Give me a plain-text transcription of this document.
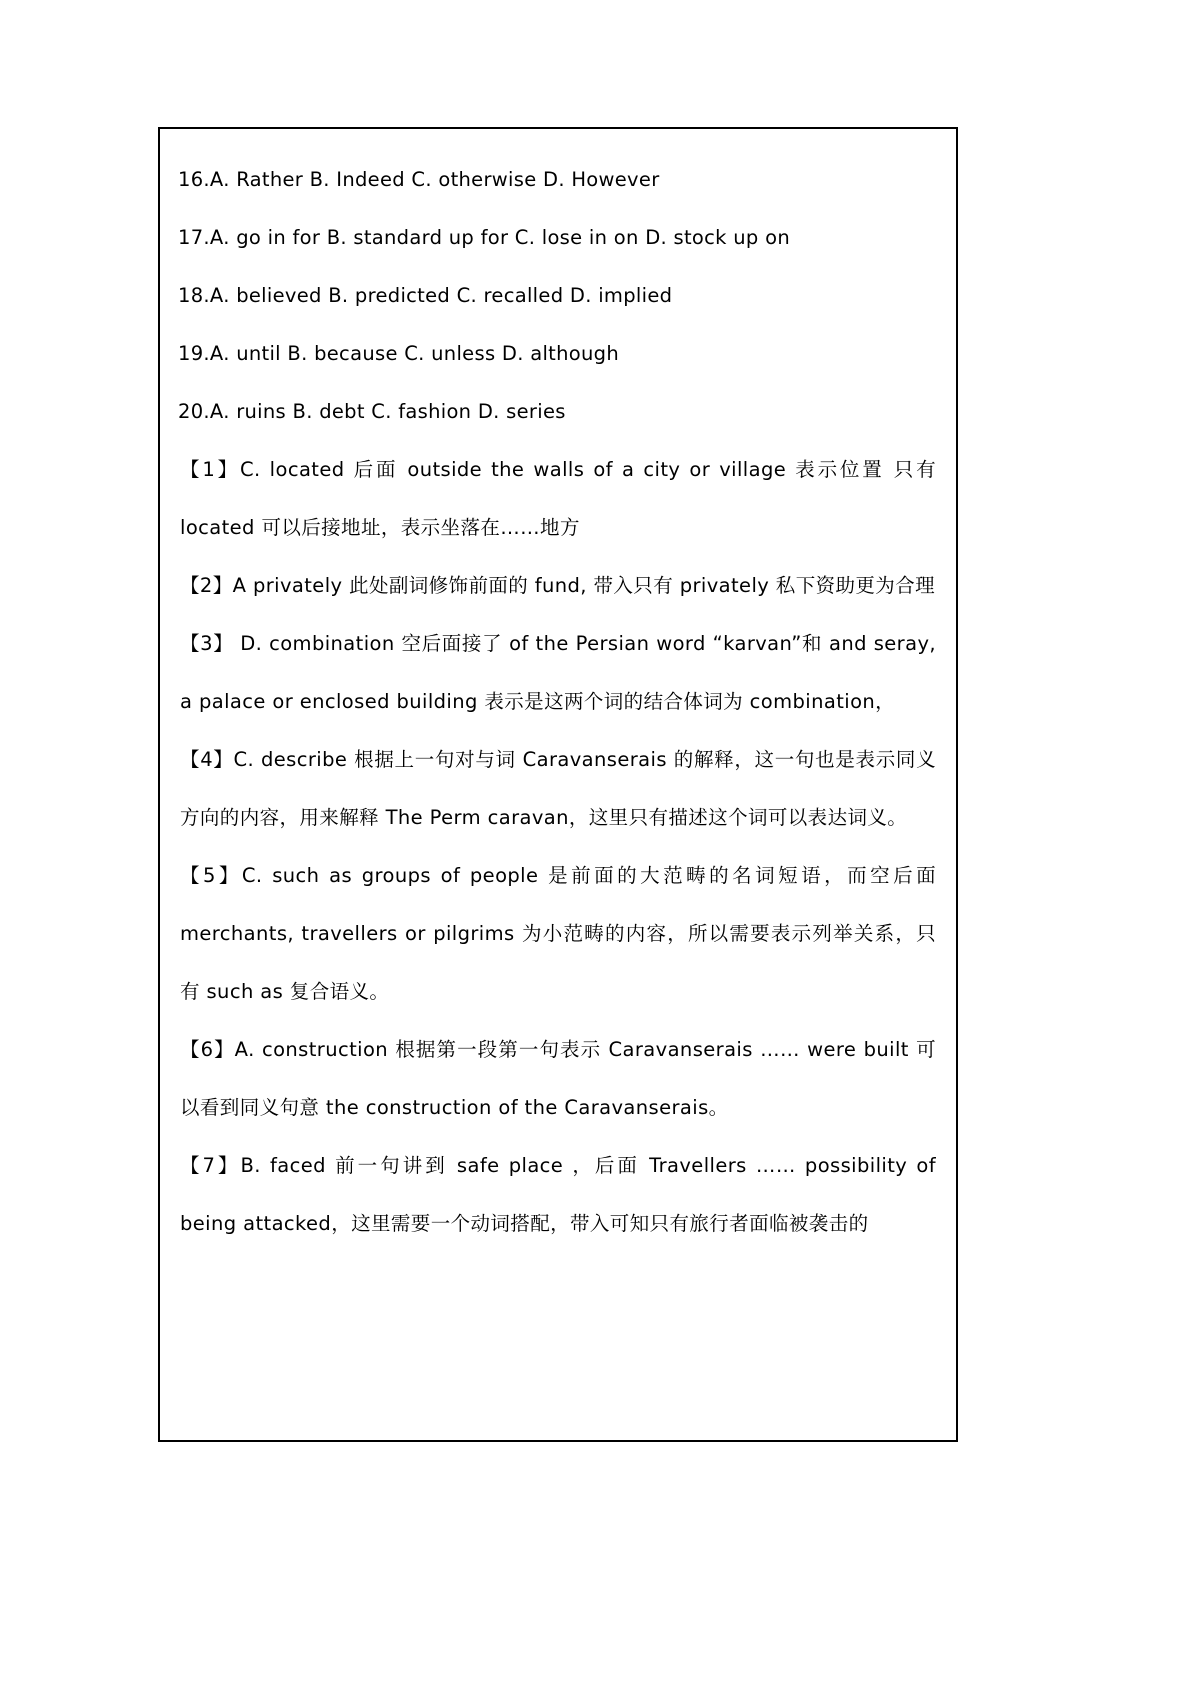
16.A. Rather B. Indeed C. otherwise D. However
17.A. go in for B. standard up for C. lose in on D. stock up on
18.A. believed B. predicted C. recalled D. implied
19.A. until B. because C. unless D. although
20.A. ruins B. debt C. fashion D. series
【1】C. located 后面 outside the walls of a city or village 表示位置 只有 located 可以后接地址，表示坐落在……地方
【2】A privately 此处副词修饰前面的 fund, 带入只有 privately 私下资助更为合理
【3】 D. combination 空后面接了 of the Persian word “karvan”和 and seray, a palace or enclosed building 表示是这两个词的结合体词为 combination，
【4】C. describe 根据上一句对与词 Caravanserais 的解释，这一句也是表示同义方向的内容，用来解释 The Perm caravan，这里只有描述这个词可以表达词义。
【5】C. such as groups of people 是前面的大范畴的名词短语，而空后面 merchants, travellers or pilgrims 为小范畴的内容，所以需要表示列举关系，只有 such as 复合语义。
【6】A. construction 根据第一段第一句表示 Caravanserais …… were built 可以看到同义句意 the construction of the Caravanserais。
【7】B. faced 前一句讲到 safe place ，后面 Travellers …… possibility of being attacked，这里需要一个动词搭配，带入可知只有旅行者面临被袭击的
